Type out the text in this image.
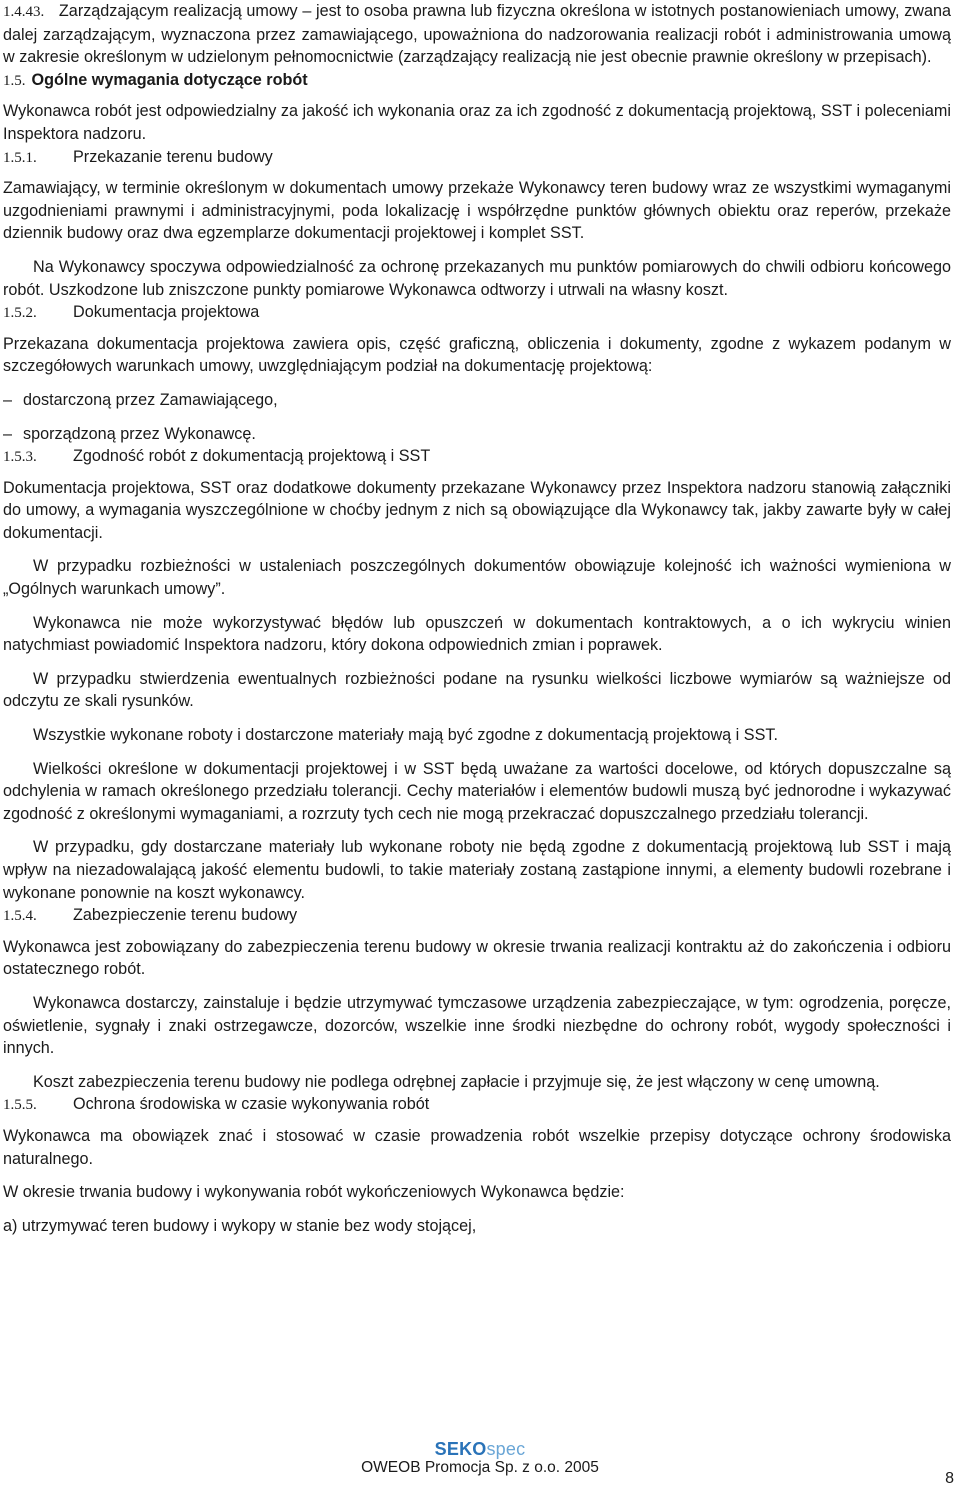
1.4.43. Zarządzającym realizacją umowy – jest to osoba prawna lub fizyczna określona w istotnych postanowieniach umowy, zwana dalej zarządzającym, wyznaczona przez zamawiającego, upoważniona do nadzorowania realizacji robót i administrowania umową w zakresie określonym w udzielonym pełnomocnictwie (zarządzający realizacją nie jest obecnie prawnie określony w przepisach).

1.5. Ogólne wymagania dotyczące robót

Wykonawca robót jest odpowiedzialny za jakość ich wykonania oraz za ich zgodność z dokumentacją projektową, SST i poleceniami Inspektora nadzoru.

1.5.1. Przekazanie terenu budowy

Zamawiający, w terminie określonym w dokumentach umowy przekaże Wykonawcy teren budowy wraz ze wszystkimi wymaganymi uzgodnieniami prawnymi i administracyjnymi, poda lokalizację i współrzędne punktów głównych obiektu oraz reperów, przekaże dziennik budowy oraz dwa egzemplarze dokumentacji projektowej i komplet SST.

Na Wykonawcy spoczywa odpowiedzialność za ochronę przekazanych mu punktów pomiarowych do chwili odbioru końcowego robót. Uszkodzone lub zniszczone punkty pomiarowe Wykonawca odtworzy i utrwali na własny koszt.

1.5.2. Dokumentacja projektowa

Przekazana dokumentacja projektowa zawiera opis, część graficzną, obliczenia i dokumenty, zgodne z wykazem podanym w szczegółowych warunkach umowy, uwzględniającym podział na dokumentację projektową:

– dostarczoną przez Zamawiającego,
– sporządzoną przez Wykonawcę.
1.5.3. Zgodność robót z dokumentacją projektową i SST

Dokumentacja projektowa, SST oraz dodatkowe dokumenty przekazane Wykonawcy przez Inspektora nadzoru stanowią załączniki do umowy, a wymagania wyszczególnione w choćby jednym z nich są obowiązujące dla Wykonawcy tak, jakby zawarte były w całej dokumentacji.

W przypadku rozbieżności w ustaleniach poszczególnych dokumentów obowiązuje kolejność ich ważności wymieniona w „Ogólnych warunkach umowy”.

Wykonawca nie może wykorzystywać błędów lub opuszczeń w dokumentach kontraktowych, a o ich wykryciu winien natychmiast powiadomić Inspektora nadzoru, który dokona odpowiednich zmian i poprawek.

W przypadku stwierdzenia ewentualnych rozbieżności podane na rysunku wielkości liczbowe wymiarów są ważniejsze od odczytu ze skali rysunków.

Wszystkie wykonane roboty i dostarczone materiały mają być zgodne z dokumentacją projektową i SST.

Wielkości określone w dokumentacji projektowej i w SST będą uważane za wartości docelowe, od których dopuszczalne są odchylenia w ramach określonego przedziału tolerancji. Cechy materiałów i elementów budowli muszą być jednorodne i wykazywać zgodność z określonymi wymaganiami, a rozrzuty tych cech nie mogą przekraczać dopuszczalnego przedziału tolerancji.

W przypadku, gdy dostarczane materiały lub wykonane roboty nie będą zgodne z dokumentacją projektową lub SST i mają wpływ na niezadowalającą jakość elementu budowli, to takie materiały zostaną zastąpione innymi, a elementy budowli rozebrane i wykonane ponownie na koszt wykonawcy.

1.5.4. Zabezpieczenie terenu budowy

Wykonawca jest zobowiązany do zabezpieczenia terenu budowy w okresie trwania realizacji kontraktu aż do zakończenia i odbioru ostatecznego robót.

Wykonawca dostarczy, zainstaluje i będzie utrzymywać tymczasowe urządzenia zabezpieczające, w tym: ogrodzenia, poręcze, oświetlenie, sygnały i znaki ostrzegawcze, dozorców, wszelkie inne środki niezbędne do ochrony robót, wygody społeczności i innych.

Koszt zabezpieczenia terenu budowy nie podlega odrębnej zapłacie i przyjmuje się, że jest włączony w cenę umowną.

1.5.5. Ochrona środowiska w czasie wykonywania robót

Wykonawca ma obowiązek znać i stosować w czasie prowadzenia robót wszelkie przepisy dotyczące ochrony środowiska naturalnego.

W okresie trwania budowy i wykonywania robót wykończeniowych Wykonawca będzie:

a) utrzymywać teren budowy i wykopy w stanie bez wody stojącej,

SEKOspec
OWEOB Promocja Sp. z o.o. 2005
8
